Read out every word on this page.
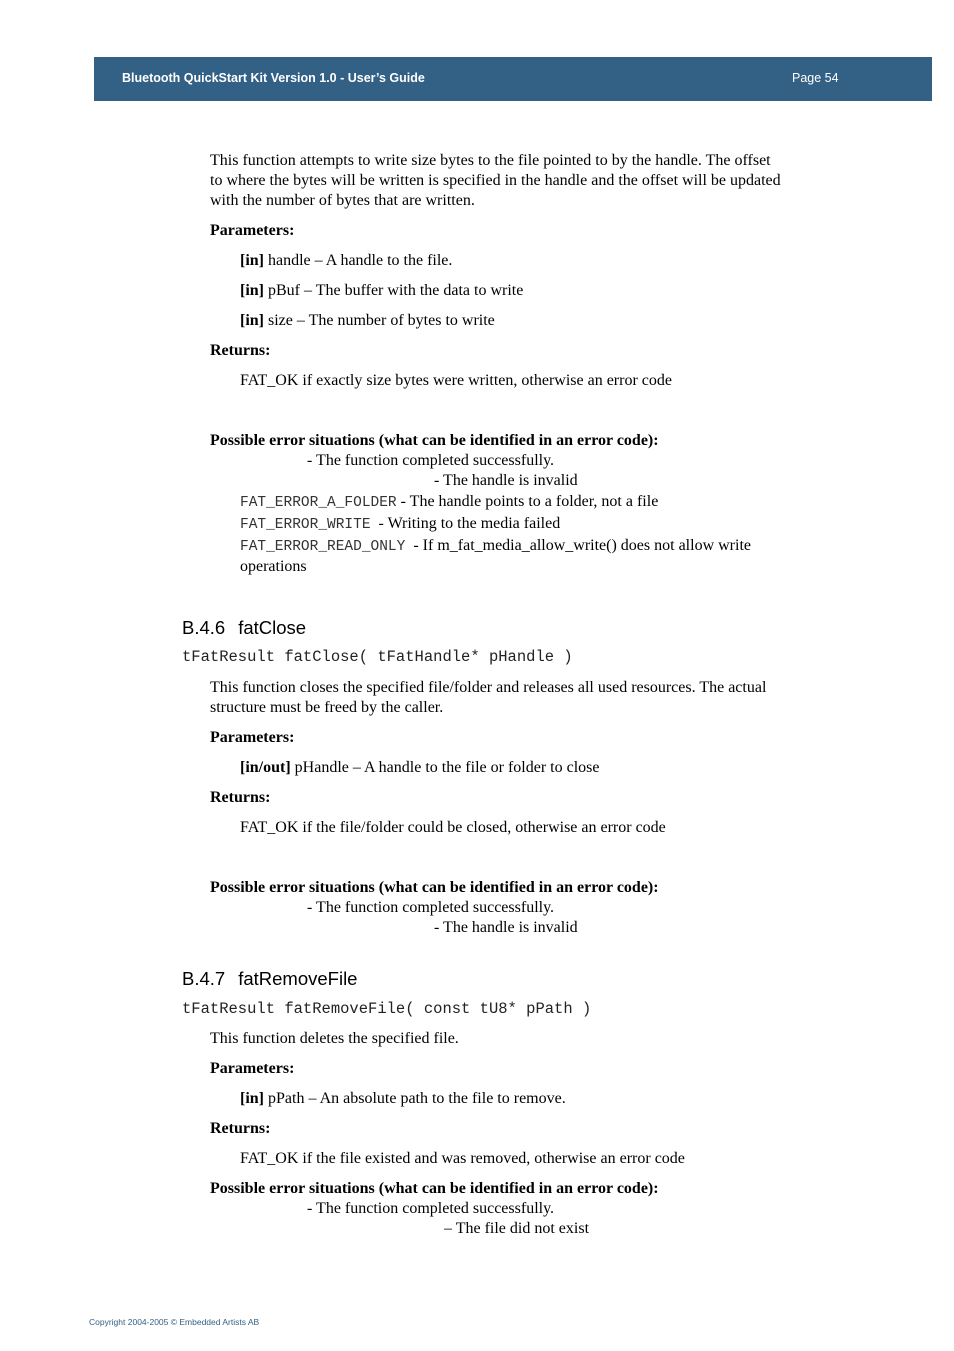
Bluetooth QuickStart Kit Version 1.0 - User’s Guide	Page 54
This function attempts to write size bytes to the file pointed to by the handle. The offset
to where the bytes will be written is specified in the handle and the offset will be updated
with the number of bytes that are written.
Parameters:
[in] handle – A handle to the file.
[in] pBuf – The buffer with the data to write
[in] size – The number of bytes to write
Returns:
FAT_OK if exactly size bytes were written, otherwise an error code
Possible error situations (what can be identified in an error code):
- The function completed successfully.
- The handle is invalid
FAT_ERROR_A_FOLDER - The handle points to a folder, not a file
FAT_ERROR_WRITE  - Writing to the media failed
FAT_ERROR_READ_ONLY  - If m_fat_media_allow_write() does not allow write
operations
B.4.6 fatClose
tFatResult fatClose( tFatHandle* pHandle )
This function closes the specified file/folder and releases all used resources. The actual
structure must be freed by the caller.
Parameters:
[in/out] pHandle – A handle to the file or folder to close
Returns:
FAT_OK if the file/folder could be closed, otherwise an error code
Possible error situations (what can be identified in an error code):
- The function completed successfully.
- The handle is invalid
B.4.7 fatRemoveFile
tFatResult fatRemoveFile( const tU8* pPath )
This function deletes the specified file.
Parameters:
[in] pPath – An absolute path to the file to remove.
Returns:
FAT_OK if the file existed and was removed, otherwise an error code
Possible error situations (what can be identified in an error code):
- The function completed successfully.
– The file did not exist
Copyright 2004-2005 © Embedded Artists AB
